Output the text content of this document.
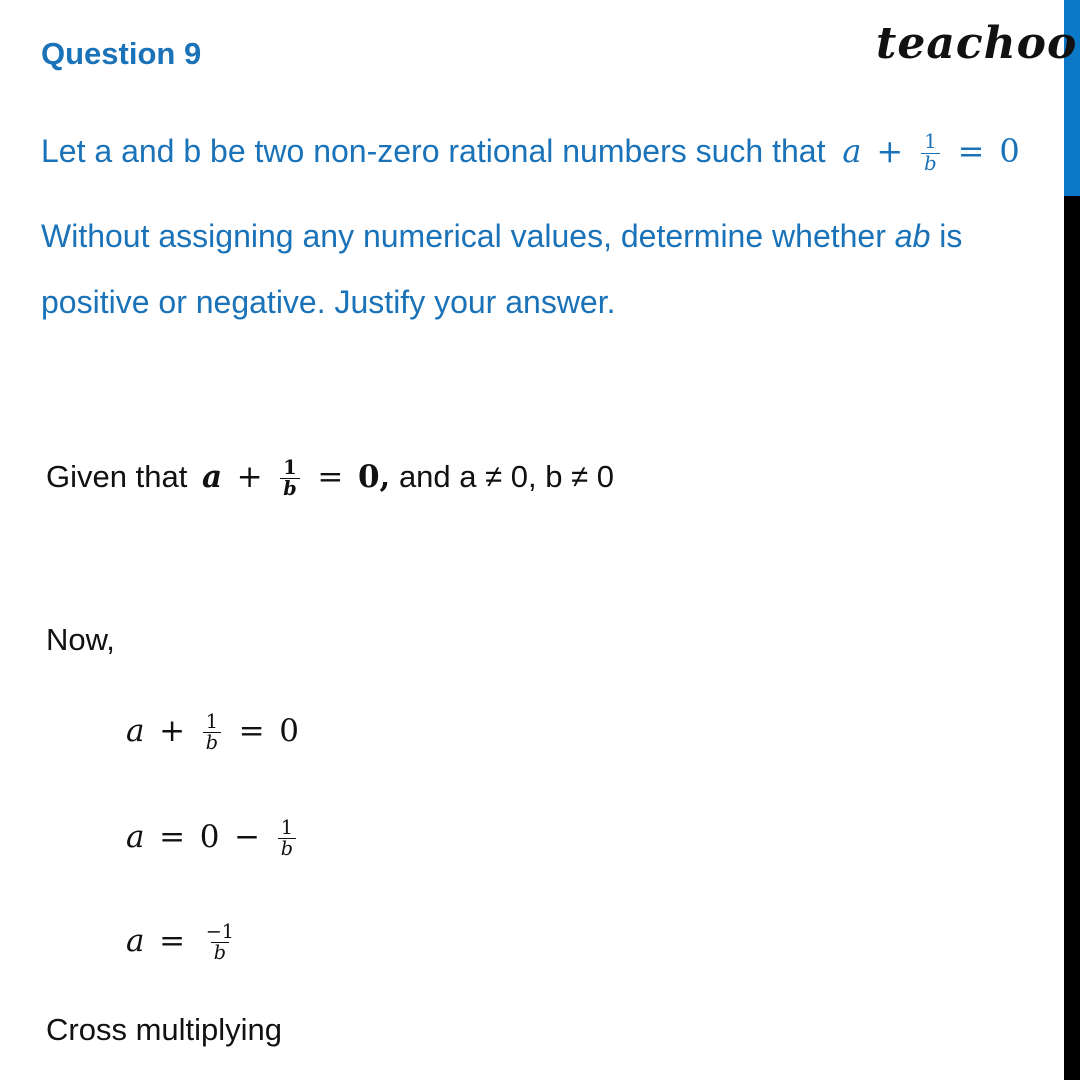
Question 9	teachoo
Let a and b be two non-zero rational numbers such that $a + \frac{1}{b} = 0$
Without assigning any numerical values, determine whether ab is
positive or negative. Justify your answer.
Given that $a + \frac{1}{b} = 0$, and a ≠ 0, b ≠ 0
Now,
$a + \frac{1}{b} = 0$
$a = 0 - \frac{1}{b}$
$a = \frac{-1}{b}$
Cross multiplying
